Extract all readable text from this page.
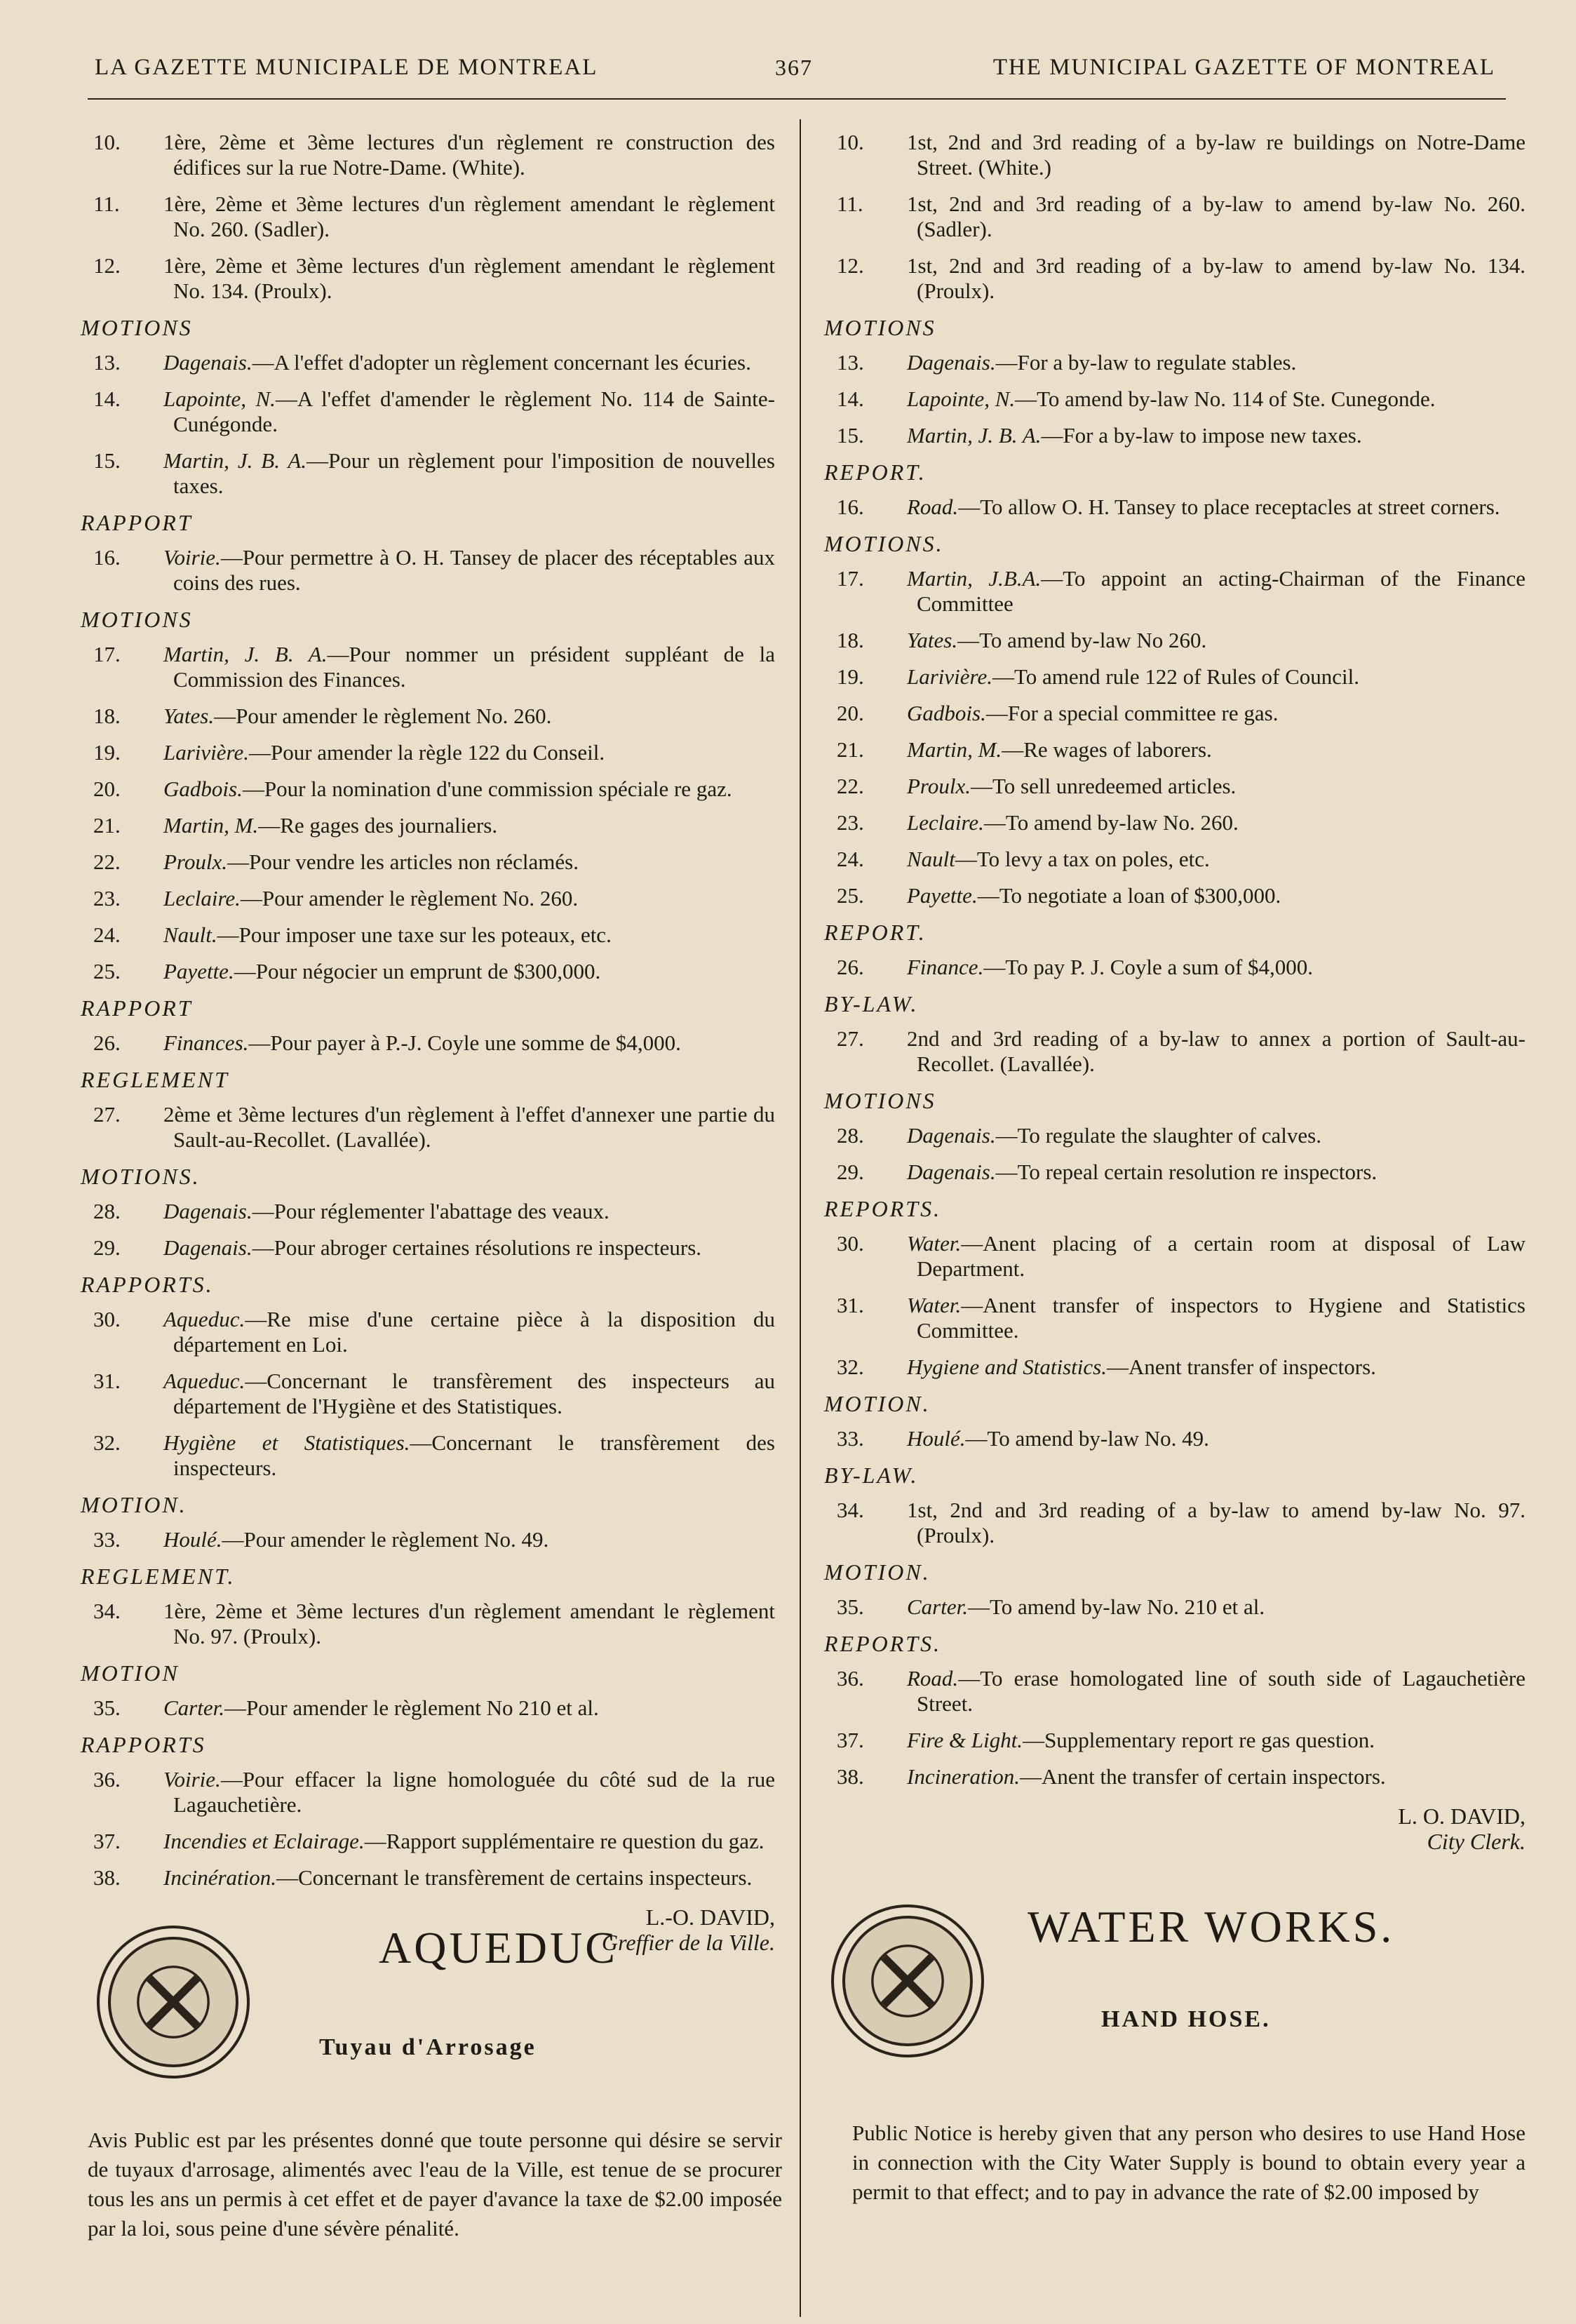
LA GAZETTE MUNICIPALE DE MONTREAL	367	THE MUNICIPAL GAZETTE OF MONTREAL
10.	1ère, 2ème et 3ème lectures d'un règlement re construction des édifices sur la rue Notre-Dame. (White).
11.	1ère, 2ème et 3ème lectures d'un règlement amendant le règlement No. 260. (Sadler).
12.	1ère, 2ème et 3ème lectures d'un règlement amendant le règlement No. 134. (Proulx).
MOTIONS
13.	Dagenais.—A l'effet d'adopter un règlement concernant les écuries.
14.	Lapointe, N.—A l'effet d'amender le règlement No. 114 de Sainte-Cunégonde.
15.	Martin, J. B. A.—Pour un règlement pour l'imposition de nouvelles taxes.
RAPPORT
16.	Voirie.—Pour permettre à O. H. Tansey de placer des réceptables aux coins des rues.
MOTIONS
17.	Martin, J. B. A.—Pour nommer un président suppléant de la Commission des Finances.
18.	Yates.—Pour amender le règlement No. 260.
19.	Larivière.—Pour amender la règle 122 du Conseil.
20.	Gadbois.—Pour la nomination d'une commission spéciale re gaz.
21.	Martin, M.—Re gages des journaliers.
22.	Proulx.—Pour vendre les articles non réclamés.
23.	Leclaire.—Pour amender le règlement No. 260.
24.	Nault.—Pour imposer une taxe sur les poteaux, etc.
25.	Payette.—Pour négocier un emprunt de $300,000.
RAPPORT
26.	Finances.—Pour payer à P.-J. Coyle une somme de $4,000.
REGLEMENT
27.	2ème et 3ème lectures d'un règlement à l'effet d'annexer une partie du Sault-au-Recollet. (Lavallée).
MOTIONS.
28.	Dagenais.—Pour réglementer l'abattage des veaux.
29.	Dagenais.—Pour abroger certaines résolutions re inspecteurs.
RAPPORTS.
30.	Aqueduc.—Re mise d'une certaine pièce à la disposition du département en Loi.
31.	Aqueduc.—Concernant le transfèrement des inspecteurs au département de l'Hygiène et des Statistiques.
32.	Hygiène et Statistiques.—Concernant le transfèrement des inspecteurs.
MOTION.
33.	Houlé.—Pour amender le règlement No. 49.
REGLEMENT.
34.	1ère, 2ème et 3ème lectures d'un règlement amendant le règlement No. 97. (Proulx).
MOTION
35.	Carter.—Pour amender le règlement No 210 et al.
RAPPORTS
36.	Voirie.—Pour effacer la ligne homologuée du côté sud de la rue Lagauchetière.
37.	Incendies et Eclairage.—Rapport supplémentaire re question du gaz.
38.	Incinération.—Concernant le transfèrement de certains inspecteurs.
L.-O. DAVID,
Greffier de la Ville.
10.	1st, 2nd and 3rd reading of a by-law re buildings on Notre-Dame Street. (White.)
11.	1st, 2nd and 3rd reading of a by-law to amend by-law No. 260. (Sadler).
12.	1st, 2nd and 3rd reading of a by-law to amend by-law No. 134. (Proulx).
MOTIONS
13.	Dagenais.—For a by-law to regulate stables.
14.	Lapointe, N.—To amend by-law No. 114 of Ste. Cunegonde.
15.	Martin, J. B. A.—For a by-law to impose new taxes.
REPORT.
16.	Road.—To allow O. H. Tansey to place receptacles at street corners.
MOTIONS.
17.	Martin, J.B.A.—To appoint an acting-Chairman of the Finance Committee
18.	Yates.—To amend by-law No 260.
19.	Larivière.—To amend rule 122 of Rules of Council.
20.	Gadbois.—For a special committee re gas.
21.	Martin, M.—Re wages of laborers.
22.	Proulx.—To sell unredeemed articles.
23.	Leclaire.—To amend by-law No. 260.
24.	Nault—To levy a tax on poles, etc.
25.	Payette.—To negotiate a loan of $300,000.
REPORT.
26.	Finance.—To pay P. J. Coyle a sum of $4,000.
BY-LAW.
27.	2nd and 3rd reading of a by-law to annex a portion of Sault-au-Recollet. (Lavallée).
MOTIONS
28.	Dagenais.—To regulate the slaughter of calves.
29.	Dagenais.—To repeal certain resolution re inspectors.
REPORTS.
30.	Water.—Anent placing of a certain room at disposal of Law Department.
31.	Water.—Anent transfer of inspectors to Hygiene and Statistics Committee.
32.	Hygiene and Statistics.—Anent transfer of inspectors.
MOTION.
33.	Houlé.—To amend by-law No. 49.
BY-LAW.
34.	1st, 2nd and 3rd reading of a by-law to amend by-law No. 97. (Proulx).
MOTION.
35.	Carter.—To amend by-law No. 210 et al.
REPORTS.
36.	Road.—To erase homologated line of south side of Lagauchetière Street.
37.	Fire & Light.—Supplementary report re gas question.
38.	Incineration.—Anent the transfer of certain inspectors.
L. O. DAVID,
City Clerk.
AQUEDUC
Tuyau d'Arrosage
Avis Public est par les présentes donné que toute personne qui désire se servir de tuyaux d'arrosage, alimentés avec l'eau de la Ville, est tenue de se procurer tous les ans un permis à cet effet et de payer d'avance la taxe de $2.00 imposée par la loi, sous peine d'une sévère pénalité.
WATER WORKS.
HAND HOSE.
Public Notice is hereby given that any person who desires to use Hand Hose in connection with the City Water Supply is bound to obtain every year a permit to that effect; and to pay in advance the rate of $2.00 imposed by
